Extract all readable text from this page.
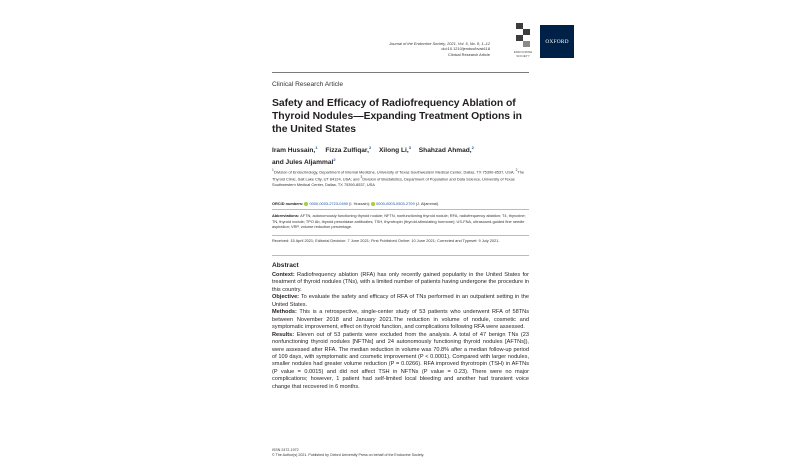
Journal of the Endocrine Society, 2021, Vol. 5, No. 8, 1–12
doi:10.1210/jendso/bvab118
Clinical Research Article	ENDOCRINE
SOCIETY
OXFORD
Clinical Research Article
Safety and Efficacy of Radiofrequency Ablation of Thyroid Nodules—Expanding Treatment Options in the United States
Iram Hussain,$^1$ Fizza Zulfiqar,$^2$ Xilong Li,$^3$ Shahzad Ahmad,$^2$ and Jules Aljammal$^2$
$^1$Division of Endocrinology, Department of Internal Medicine, University of Texas Southwestern Medical Center, Dallas, TX 75390-8537, USA; $^2$The Thyroid Clinic, Salt Lake City, UT 84124, USA; and $^3$Division of Biostatistics, Department of Population and Data Science, University of Texas Southwestern Medical Center, Dallas, TX 75390-8537, USA
ORCiD numbers: 0000-0003-2723-0490 (I. Hussain); 0000-0003-0503-2709 (J. Aljammal).
Abbreviations: AFTN, autonomously functioning thyroid nodule; NFTN, nonfunctioning thyroid nodule; RFA, radiofrequency ablation; T4, thyroxine; TN, thyroid nodule; TPO Ab, thyroid peroxidase antibodies; TSH, thyrotropin (thyroid-stimulating hormone); US-FNA, ultrasound-guided fine needle aspiration; VRP, volume reduction percentage.
Received: 15 April 2021; Editorial Decision: 7 June 2021; First Published Online: 10 June 2021; Corrected and Typeset: 9 July 2021.
Abstract

Context: Radiofrequency ablation (RFA) has only recently gained popularity in the United States for treatment of thyroid nodules (TNs), with a limited number of patients having undergone the procedure in this country.

Objective: To evaluate the safety and efficacy of RFA of TNs performed in an outpatient setting in the United States.

Methods: This is a retrospective, single-center study of 53 patients who underwent RFA of 58TNs between November 2018 and January 2021.The reduction in volume of nodule, cosmetic and symptomatic improvement, effect on thyroid function, and complications following RFA were assessed.

Results: Eleven out of 53 patients were excluded from the analysis. A total of 47 benign TNs (23 nonfunctioning thyroid nodules [NFTNs] and 24 autonomously functioning thyroid nodules [AFTNs]), were assessed after RFA. The median reduction in volume was 70.8% after a median follow-up period of 109 days, with symptomatic and cosmetic improvement (P < 0.0001). Compared with larger nodules, smaller nodules had greater volume reduction (P = 0.0266). RFA improved thyrotropin (TSH) in AFTNs (P value = 0.0015) and did not affect TSH in NFTNs (P value = 0.23). There were no major complications; however, 1 patient had self-limited local bleeding and another had transient voice change that recovered in 6 months.

ISSN 2472-1972
© The Author(s) 2021. Published by Oxford University Press on behalf of the Endocrine Society.
